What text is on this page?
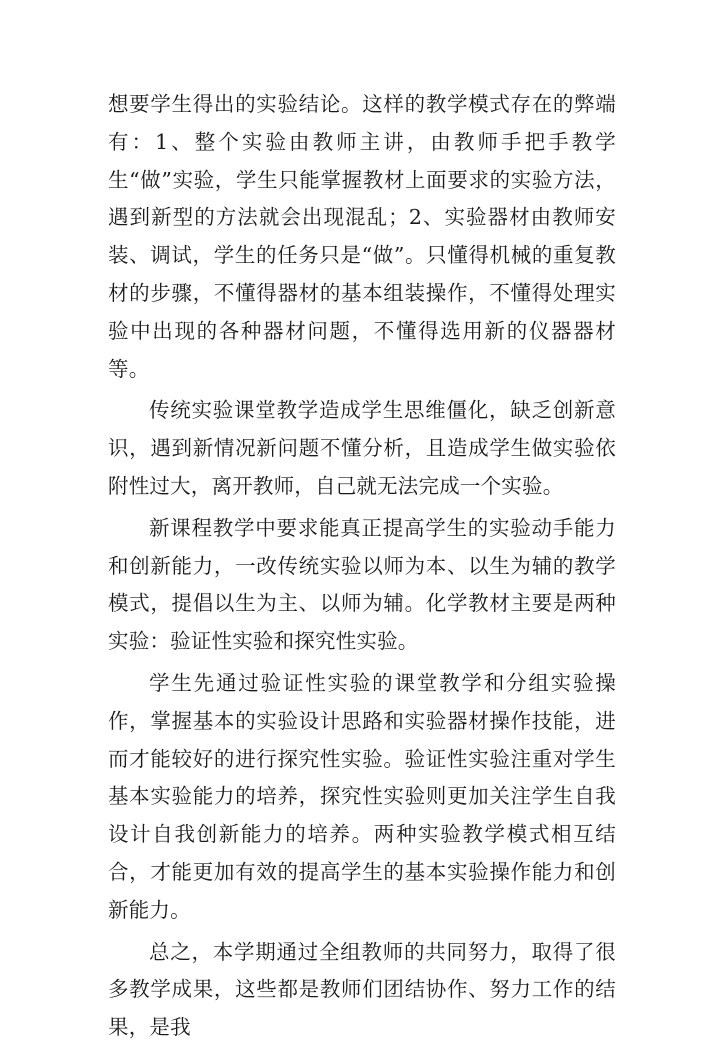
想要学生得出的实验结论。这样的教学模式存在的弊端有：1、整个实验由教师主讲，由教师手把手教学生“做”实验，学生只能掌握教材上面要求的实验方法，遇到新型的方法就会出现混乱；2、实验器材由教师安装、调试，学生的任务只是“做”。只懂得机械的重复教材的步骤，不懂得器材的基本组装操作，不懂得处理实验中出现的各种器材问题，不懂得选用新的仪器器材等。

传统实验课堂教学造成学生思维僵化，缺乏创新意识，遇到新情况新问题不懂分析，且造成学生做实验依附性过大，离开教师，自己就无法完成一个实验。

新课程教学中要求能真正提高学生的实验动手能力和创新能力，一改传统实验以师为本、以生为辅的教学模式，提倡以生为主、以师为辅。化学教材主要是两种实验：验证性实验和探究性实验。

学生先通过验证性实验的课堂教学和分组实验操作，掌握基本的实验设计思路和实验器材操作技能，进而才能较好的进行探究性实验。验证性实验注重对学生基本实验能力的培养，探究性实验则更加关注学生自我设计自我创新能力的培养。两种实验教学模式相互结合，才能更加有效的提高学生的基本实验操作能力和创新能力。

总之，本学期通过全组教师的共同努力，取得了很多教学成果，这些都是教师们团结协作、努力工作的结果，是我
